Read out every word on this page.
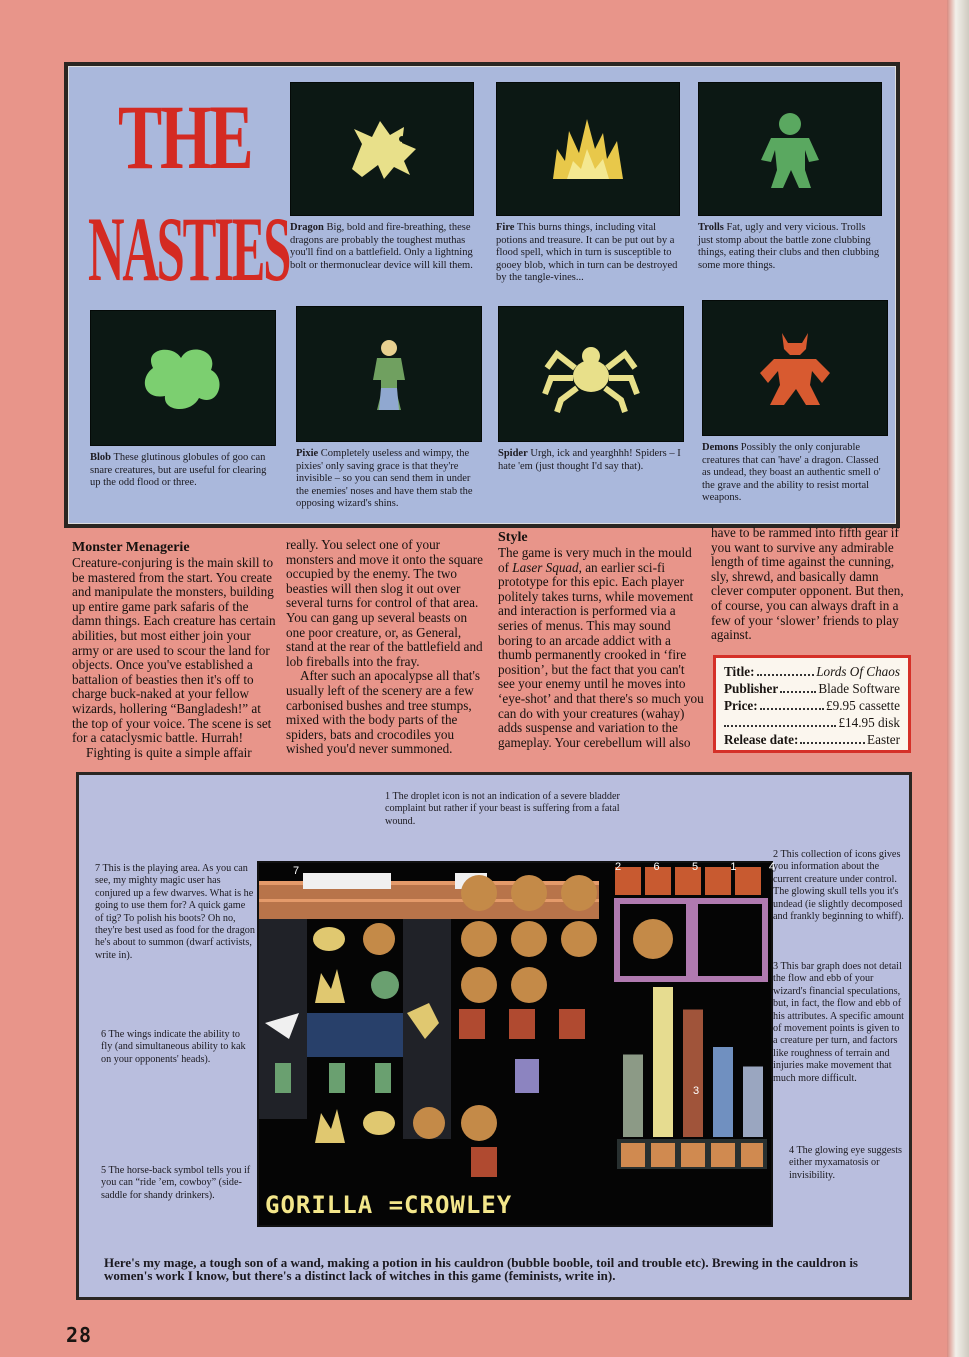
THE
NASTIES Dragon Big, bold and fire-breathing, these dragons are probably the toughest muthas you'll find on a battlefield. Only a lightning bolt or thermonuclear device will kill them.
Fire This burns things, including vital potions and treasure. It can be put out by a flood spell, which in turn is susceptible to gooey blob, which in turn can be destroyed by the tangle-vines...
Trolls Fat, ugly and very vicious. Trolls just stomp about the battle zone clubbing things, eating their clubs and then clubbing some more things.
Blob These glutinous globules of goo can snare creatures, but are useful for clearing up the odd flood or three.
Pixie Completely useless and wimpy, the pixies' only saving grace is that they're invisible – so you can send them in under the enemies' noses and have them stab the opposing wizard's shins.
Spider Urgh, ick and yearghhh! Spiders – I hate 'em (just thought I'd say that).
Demons Possibly the only conjurable creatures that can 'have' a dragon. Classed as undead, they boast an authentic smell o' the grave and the ability to resist mortal weapons.
Monster Menagerie

Creature-conjuring is the main skill to be mastered from the start. You create and manipulate the monsters, building up entire game park safaris of the damn things. Each creature has certain abilities, but most either join your army or are used to scour the land for objects. Once you've established a battalion of beasties then it's off to charge buck-naked at your fellow wizards, hollering “Bangladesh!” at the top of your voice. The scene is set for a cataclysmic battle. Hurrah!

Fighting is quite a simple affair

really. You select one of your monsters and move it onto the square occupied by the enemy. The two beasties will then slog it out over several turns for control of that area. You can gang up several beasts on one poor creature, or, as General, stand at the rear of the battlefield and lob fireballs into the fray.

After such an apocalypse all that's usually left of the scenery are a few carbonised bushes and tree stumps, mixed with the body parts of the spiders, bats and crocodiles you wished you'd never summoned.

Style

The game is very much in the mould of Laser Squad, an earlier sci-fi prototype for this epic. Each player politely takes turns, while movement and interaction is performed via a series of menus. This may sound boring to an arcade addict with a thumb permanently crooked in ‘fire position’, but the fact that you can't see your enemy until he moves into ‘eye-shot’ and that there's so much you can do with your creatures (wahay) adds suspense and variation to the gameplay. Your cerebellum will also

have to be rammed into fifth gear if you want to survive any admirable length of time against the cunning, sly, shrewd, and basically damn clever computer opponent. But then, of course, you can always draft in a few of your ‘slower’ friends to play against.

Title:	Lords Of Chaos
Publisher	Blade Software
Price:	£9.95 cassette
£14.95 disk
Release date:	Easter
1 The droplet icon is not an indication of a severe bladder complaint but rather if your beast is suffering from a fatal wound.
2 This collection of icons gives you information about the current creature under control. The glowing skull tells you it's undead (ie slightly decomposed and frankly beginning to whiff).
3 This bar graph does not detail the flow and ebb of your wizard's financial speculations, but, in fact, the flow and ebb of his attributes. A specific amount of movement points is given to a creature per turn, and factors like roughness of terrain and injuries make movement that much more difficult.
4 The glowing eye suggests either myxamatosis or invisibility.
5 The horse-back symbol tells you if you can “ride ’em, cowboy” (side-saddle for shandy drinkers).
6 The wings indicate the ability to fly (and simultaneous ability to kak on your opponents' heads).
7 This is the playing area. As you can see, my mighty magic user has conjured up a few dwarves. What is he going to use them for? A quick game of tig? To polish his boots? Oh no, they're best used as food for the dragon he's about to summon (dwarf activists, write in).
7	2	6	5	1	4
3
GORILLA =CROWLEY
Here's my mage, a tough son of a wand, making a potion in his cauldron (bubble booble, toil and trouble etc). Brewing in the cauldron is women's work I know, but there's a distinct lack of witches in this game (feminists, write in).
28
